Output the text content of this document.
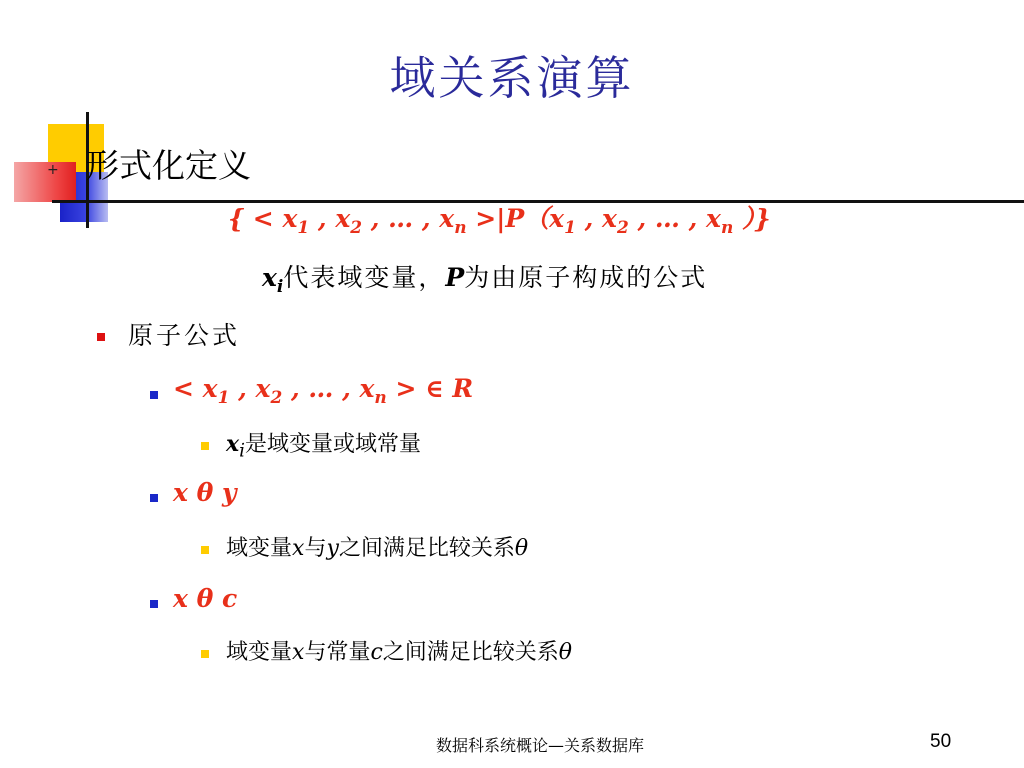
+
域关系演算
形式化定义
{ < $x_1$ , $x_2$ , … , $x_n >|P(x_1$ , $x_2$ , … , $x_n$ ）}
$x_i$代表域变量，P为由原子构成的公式
原子公式
< $x_1$ , $x_2$ , … , $x_n$ > ∈ R
$x_i$是域变量或域常量
x θ y
域变量x与y之间满足比较关系θ
x θ c
域变量x与常量c之间满足比较关系θ
数据科系统概论—关系数据库	50
